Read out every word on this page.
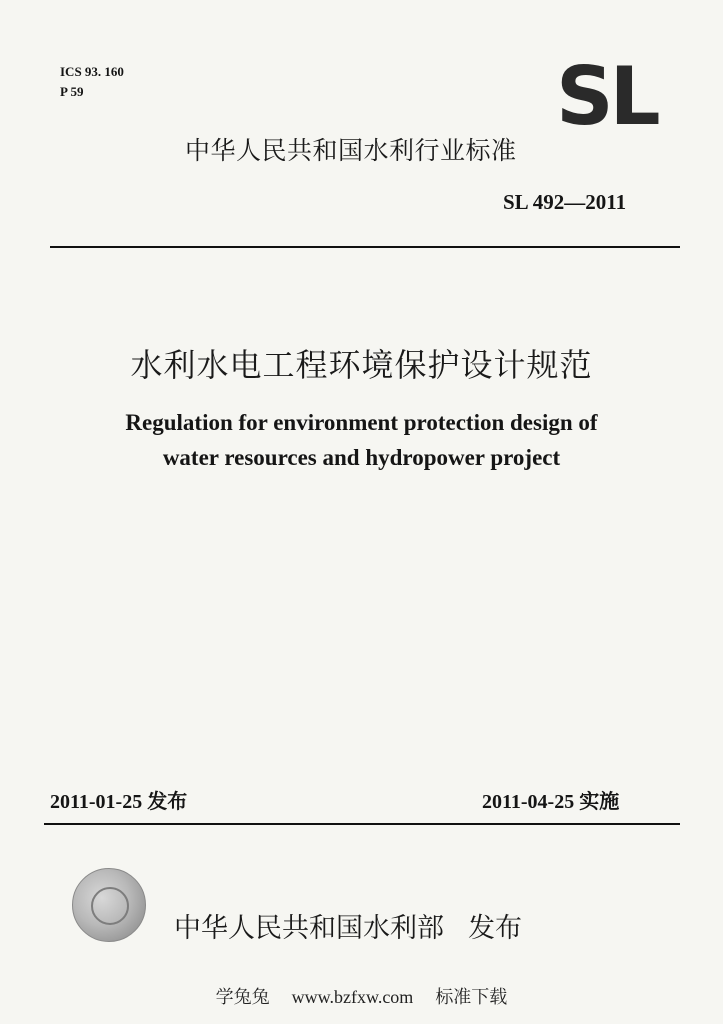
ICS 93. 160
P 59	SL
中华人民共和国水利行业标准
SL 492—2011
水利水电工程环境保护设计规范
Regulation for environment protection design of
water resources and hydropower project
2011-01-25 发布	2011-04-25 实施
中华人民共和国水利部 发布
学兔兔 www.bzfxw.com 标准下载
